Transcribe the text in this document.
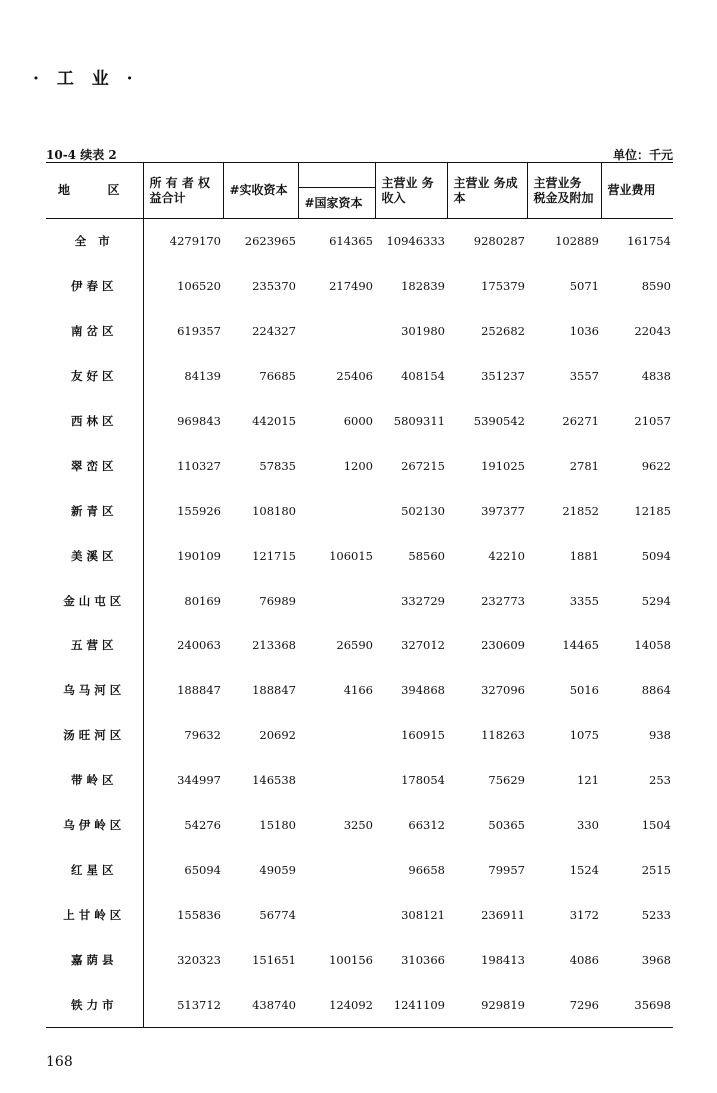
· 工 业 ·
10-4 续表 2	单位：千元
地 区	所 有 者 权益合计	#实收资本		主营业 务收入	主营业 务成本	主营业务 税金及附加	营业费用
			#国家资本				
全 市	4279170	2623965	614365	10946333	9280287	102889	161754
伊春区	106520	235370	217490	182839	175379	5071	8590
南岔区	619357	224327		301980	252682	1036	22043
友好区	84139	76685	25406	408154	351237	3557	4838
西林区	969843	442015	6000	5809311	5390542	26271	21057
翠峦区	110327	57835	1200	267215	191025	2781	9622
新青区	155926	108180		502130	397377	21852	12185
美溪区	190109	121715	106015	58560	42210	1881	5094
金山屯区	80169	76989		332729	232773	3355	5294
五营区	240063	213368	26590	327012	230609	14465	14058
乌马河区	188847	188847	4166	394868	327096	5016	8864
汤旺河区	79632	20692		160915	118263	1075	938
带岭区	344997	146538		178054	75629	121	253
乌伊岭区	54276	15180	3250	66312	50365	330	1504
红星区	65094	49059		96658	79957	1524	2515
上甘岭区	155836	56774		308121	236911	3172	5233
嘉荫县	320323	151651	100156	310366	198413	4086	3968
铁力市	513712	438740	124092	1241109	929819	7296	35698
168
